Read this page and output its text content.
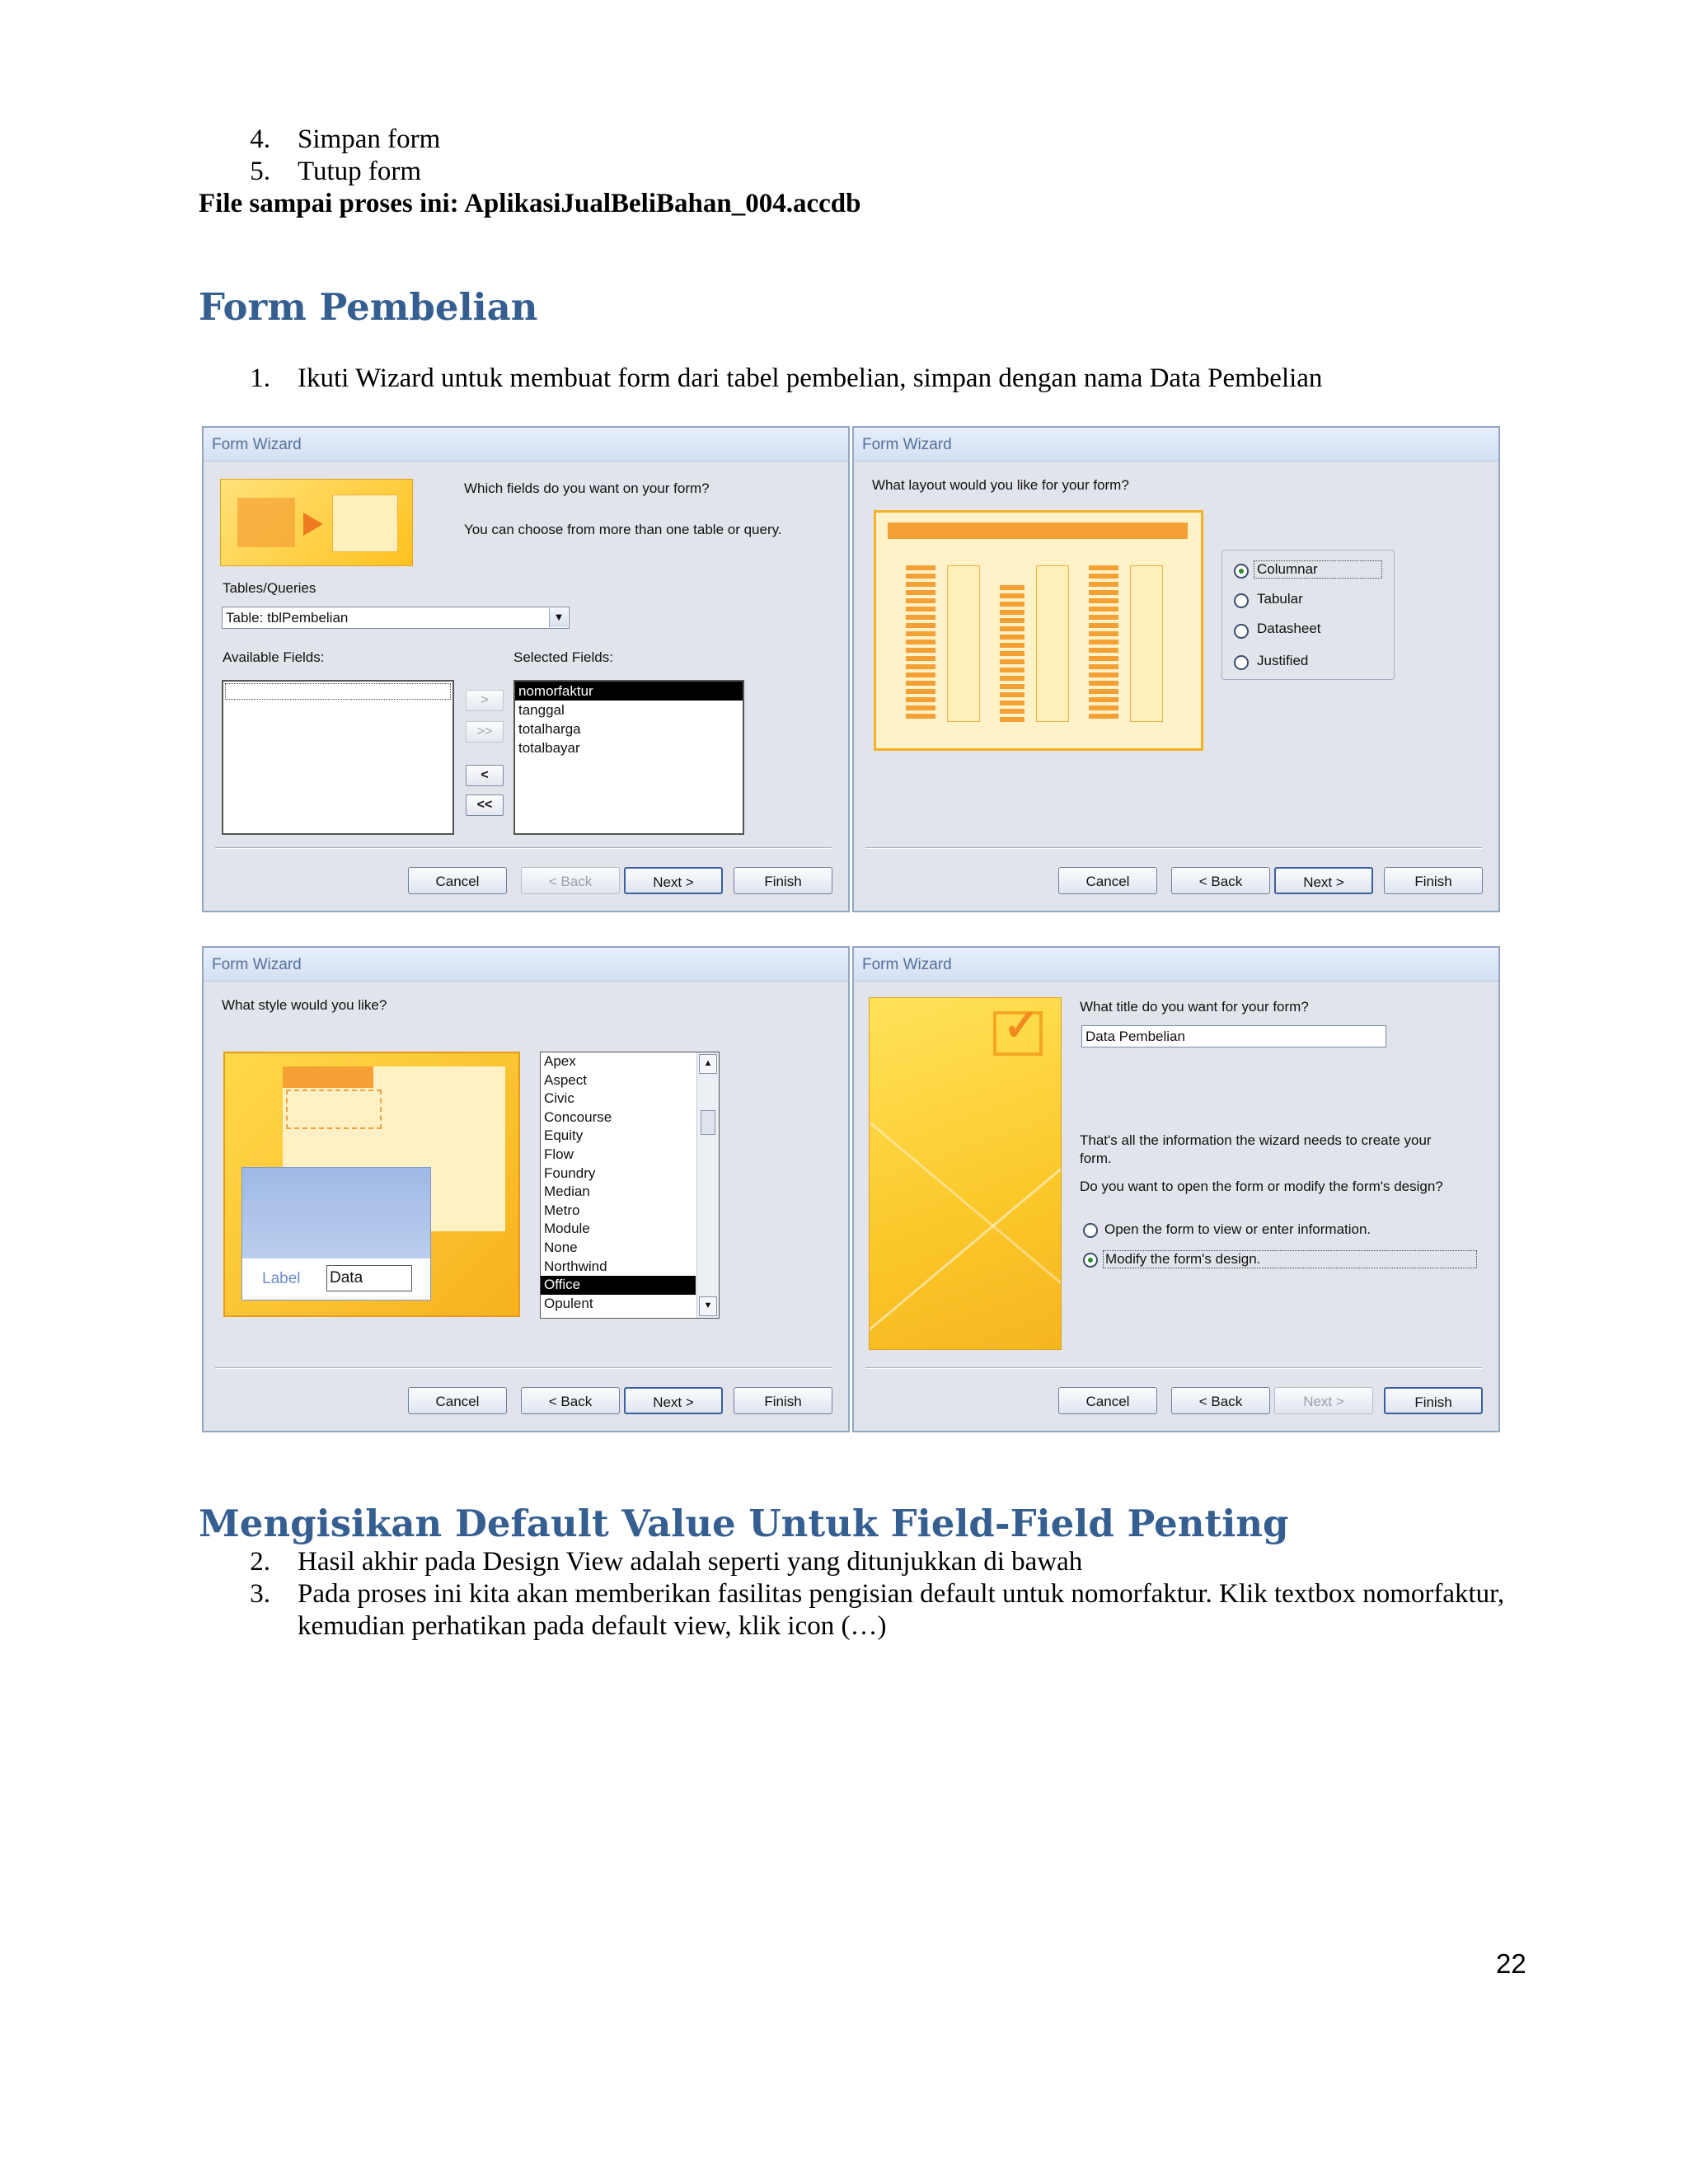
4. Simpan form
5. Tutup form
File sampai proses ini: AplikasiJualBeliBahan_004.accdb
Form Pembelian
1. Ikuti Wizard untuk membuat form dari tabel pembelian, simpan dengan nama Data Pembelian
Form Wizard
Which fields do you want on your form?
You can choose from more than one table or query.
Tables/Queries
Table: tblPembelian	▼
Available Fields:	Selected Fields:
>
>>
<
<<
nomorfaktur
tanggal
totalharga
totalbayar
Cancel	< Back	Next >	Finish
Form Wizard
What layout would you like for your form?
Columnar
Tabular
Datasheet
Justified
Cancel	< Back	Next >	Finish
Form Wizard
What style would you like?
Label Data
Apex
Aspect
Civic
Concourse
Equity
Flow
Foundry
Median
Metro
Module
None
Northwind
Office
Opulent
▲
▼
Cancel	< Back	Next >	Finish
Form Wizard
✓	What title do you want for your form?
Data Pembelian
That's all the information the wizard needs to create your
form.
Do you want to open the form or modify the form's design?
Open the form to view or enter information.
Modify the form's design.
Cancel	< Back	Next >	Finish
Mengisikan Default Value Untuk Field-Field Penting
2. Hasil akhir pada Design View adalah seperti yang ditunjukkan di bawah
3. Pada proses ini kita akan memberikan fasilitas pengisian default untuk nomorfaktur. Klik textbox nomorfaktur,
kemudian perhatikan pada default view, klik icon (…)
22
